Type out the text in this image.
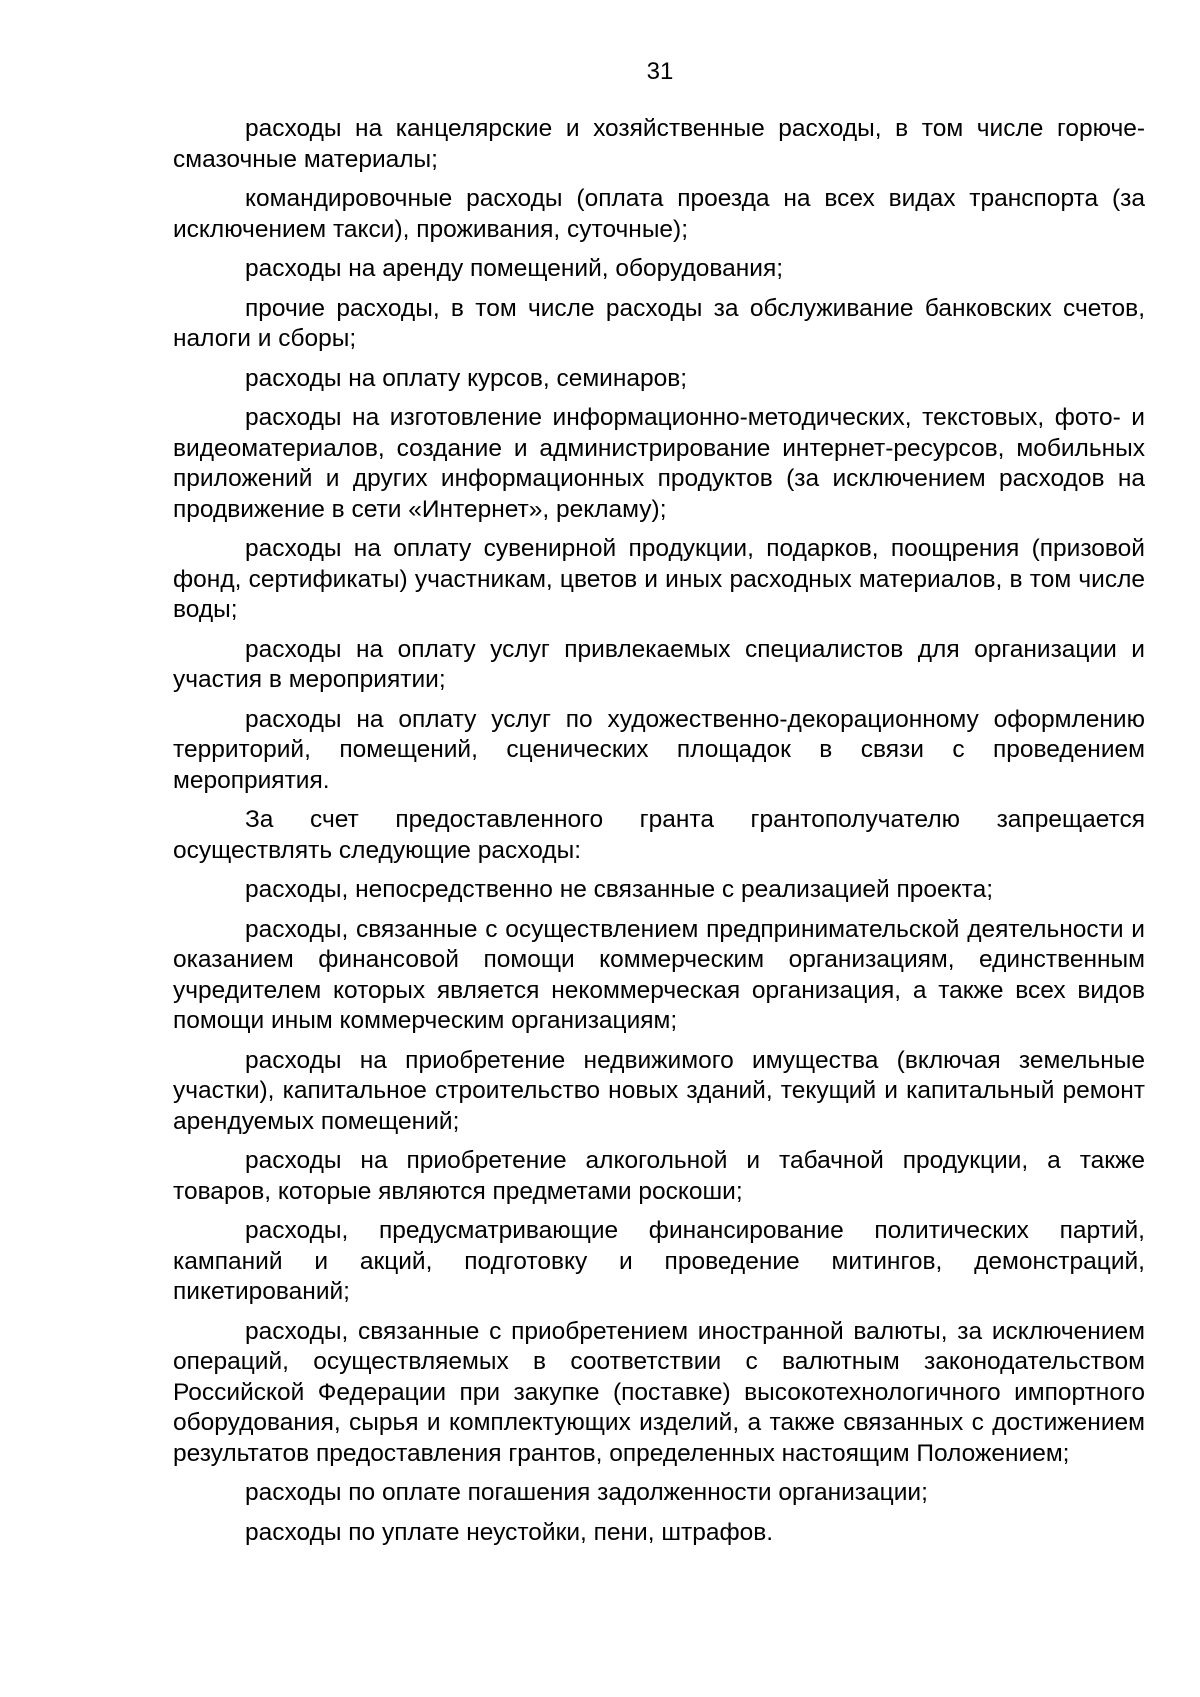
31

расходы на канцелярские и хозяйственные расходы, в том числе горюче-смазочные материалы;

командировочные расходы (оплата проезда на всех видах транспорта (за исключением такси), проживания, суточные);

расходы на аренду помещений, оборудования;

прочие расходы, в том числе расходы за обслуживание банковских счетов, налоги и сборы;

расходы на оплату курсов, семинаров;

расходы на изготовление информационно-методических, текстовых, фото- и видеоматериалов, создание и администрирование интернет-ресурсов, мобильных приложений и других информационных продуктов (за исключением расходов на продвижение в сети «Интернет», рекламу);

расходы на оплату сувенирной продукции, подарков, поощрения (призовой фонд, сертификаты) участникам, цветов и иных расходных материалов, в том числе воды;

расходы на оплату услуг привлекаемых специалистов для организации и участия в мероприятии;

расходы на оплату услуг по художественно-декорационному оформлению территорий, помещений, сценических площадок в связи с проведением мероприятия.

За счет предоставленного гранта грантополучателю запрещается осуществлять следующие расходы:

расходы, непосредственно не связанные с реализацией проекта;

расходы, связанные с осуществлением предпринимательской деятельности и оказанием финансовой помощи коммерческим организациям, единственным учредителем которых является некоммерческая организация, а также всех видов помощи иным коммерческим организациям;

расходы на приобретение недвижимого имущества (включая земельные участки), капитальное строительство новых зданий, текущий и капитальный ремонт арендуемых помещений;

расходы на приобретение алкогольной и табачной продукции, а также товаров, которые являются предметами роскоши;

расходы, предусматривающие финансирование политических партий, кампаний и акций, подготовку и проведение митингов, демонстраций, пикетирований;

расходы, связанные с приобретением иностранной валюты, за исключением операций, осуществляемых в соответствии с валютным законодательством Российской Федерации при закупке (поставке) высокотехнологичного импортного оборудования, сырья и комплектующих изделий, а также связанных с достижением результатов предоставления грантов, определенных настоящим Положением;

расходы по оплате погашения задолженности организации;

расходы по уплате неустойки, пени, штрафов.
